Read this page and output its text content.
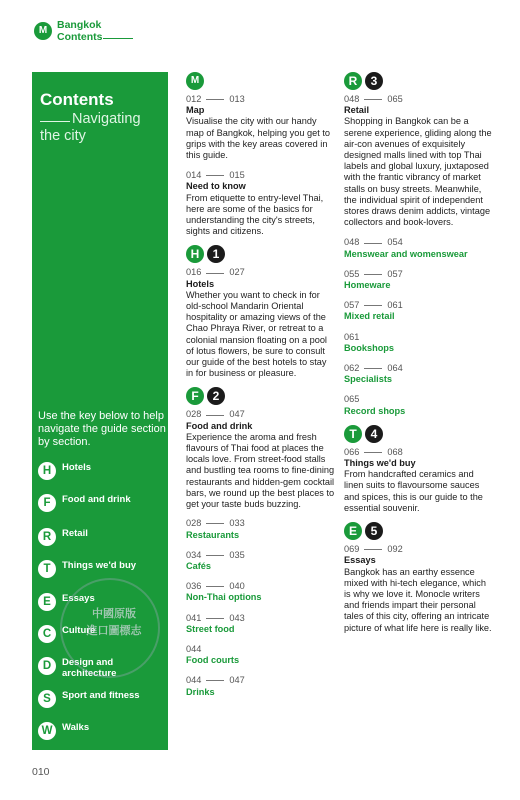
M Bangkok
Contents
Contents
Navigating the city
Use the key below to help navigate the guide section by section.
H	Hotels
F	Food and drink
R	Retail
T	Things we'd buy
E	Essays
C	Culture
D	Design and architecture
S	Sport and fitness
W	Walks
中國原版
進口圖標志
010
M
012	013
Map
Visualise the city with our handy map of Bangkok, helping you get to grips with the key areas covered in this guide.
014	015
Need to know
From etiquette to entry-level Thai, here are some of the basics for understanding the city's streets, sights and citizens.
H	1
016	027
Hotels
Whether you want to check in for old-school Mandarin Oriental hospitality or amazing views of the Chao Phraya River, or retreat to a colonial mansion floating on a pool of lotus flowers, be sure to consult our guide of the best hotels to stay in for business or pleasure.
F	2
028	047
Food and drink
Experience the aroma and fresh flavours of Thai food at places the locals love. From street-food stalls and bustling tea rooms to fine-dining restaurants and hidden-gem cocktail bars, we round up the best places to get your taste buds buzzing.
028	033
Restaurants
034	035
Cafés
036	040
Non-Thai options
041	043
Street food
044
Food courts
044	047
Drinks
R	3
048	065
Retail
Shopping in Bangkok can be a serene experience, gliding along the air-con avenues of exquisitely designed malls lined with top Thai labels and global luxury, juxtaposed with the frantic vibrancy of market stalls on busy streets. Meanwhile, the individual spirit of independent stores draws denim addicts, vintage collectors and book-lovers.
048	054
Menswear and womenswear
055	057
Homeware
057	061
Mixed retail
061
Bookshops
062	064
Specialists
065
Record shops
T	4
066	068
Things we'd buy
From handcrafted ceramics and linen suits to flavoursome sauces and spices, this is our guide to the essential souvenir.
E	5
069	092
Essays
Bangkok has an earthy essence mixed with hi-tech elegance, which is why we love it. Monocle writers and friends impart their personal tales of this city, offering an intricate picture of what life here is really like.
